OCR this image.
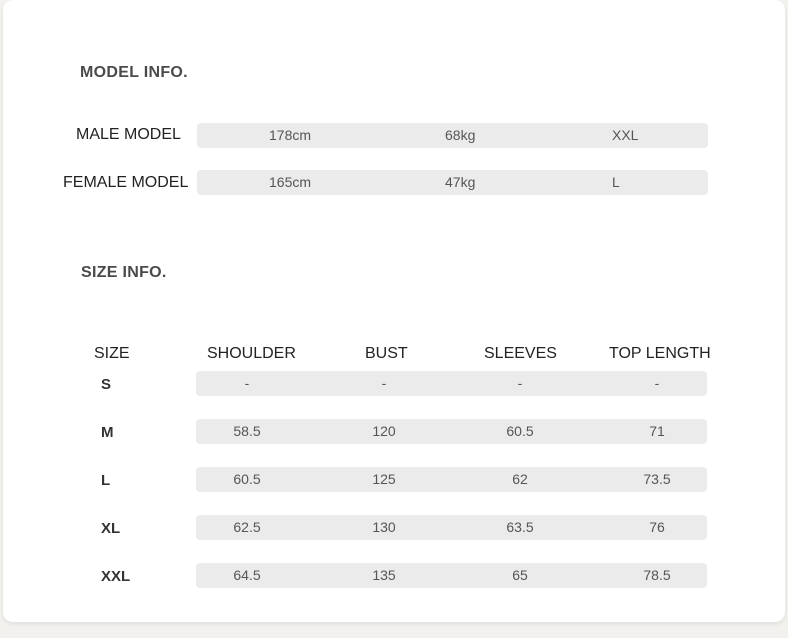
MODEL INFO.
MALE MODEL	178cm	68kg	XXL
FEMALE MODEL	165cm	47kg	L
SIZE INFO.
SIZE	SHOULDER	BUST	SLEEVES	TOP LENGTH
S	-	-	-	-
M	58.5	120	60.5	71
L	60.5	125	62	73.5
XL	62.5	130	63.5	76
XXL	64.5	135	65	78.5
